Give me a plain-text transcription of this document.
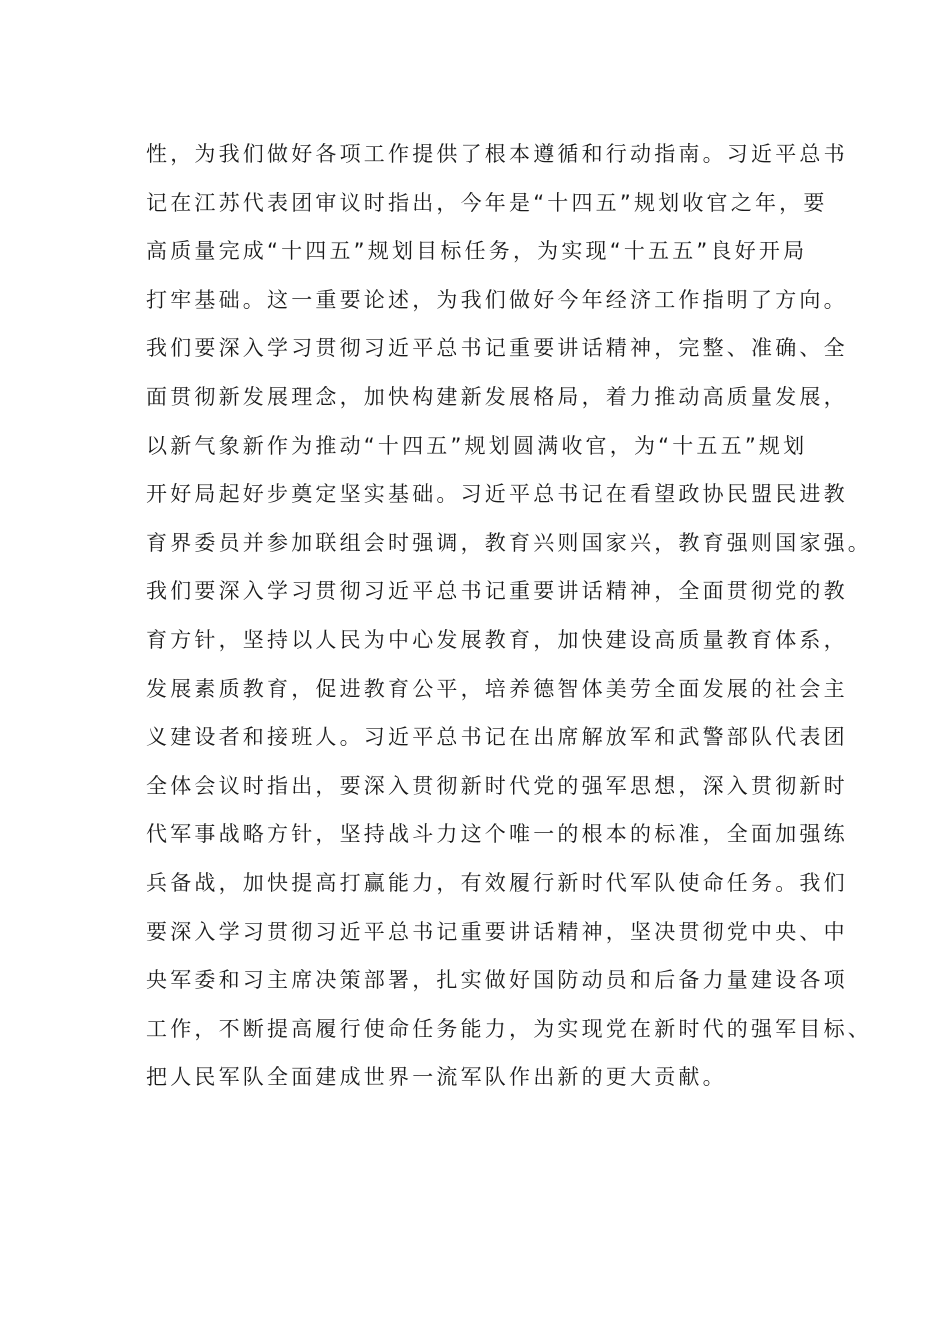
性，为我们做好各项工作提供了根本遵循和行动指南。习近平总书
记在江苏代表团审议时指出，今年是“十四五”规划收官之年，要
高质量完成“十四五”规划目标任务，为实现“十五五”良好开局
打牢基础。这一重要论述，为我们做好今年经济工作指明了方向。
我们要深入学习贯彻习近平总书记重要讲话精神，完整、准确、全
面贯彻新发展理念，加快构建新发展格局，着力推动高质量发展，
以新气象新作为推动“十四五”规划圆满收官，为“十五五”规划
开好局起好步奠定坚实基础。习近平总书记在看望政协民盟民进教
育界委员并参加联组会时强调，教育兴则国家兴，教育强则国家强。
我们要深入学习贯彻习近平总书记重要讲话精神，全面贯彻党的教
育方针，坚持以人民为中心发展教育，加快建设高质量教育体系，
发展素质教育，促进教育公平，培养德智体美劳全面发展的社会主
义建设者和接班人。习近平总书记在出席解放军和武警部队代表团
全体会议时指出，要深入贯彻新时代党的强军思想，深入贯彻新时
代军事战略方针，坚持战斗力这个唯一的根本的标准，全面加强练
兵备战，加快提高打赢能力，有效履行新时代军队使命任务。我们
要深入学习贯彻习近平总书记重要讲话精神，坚决贯彻党中央、中
央军委和习主席决策部署，扎实做好国防动员和后备力量建设各项
工作，不断提高履行使命任务能力，为实现党在新时代的强军目标、
把人民军队全面建成世界一流军队作出新的更大贡献。
